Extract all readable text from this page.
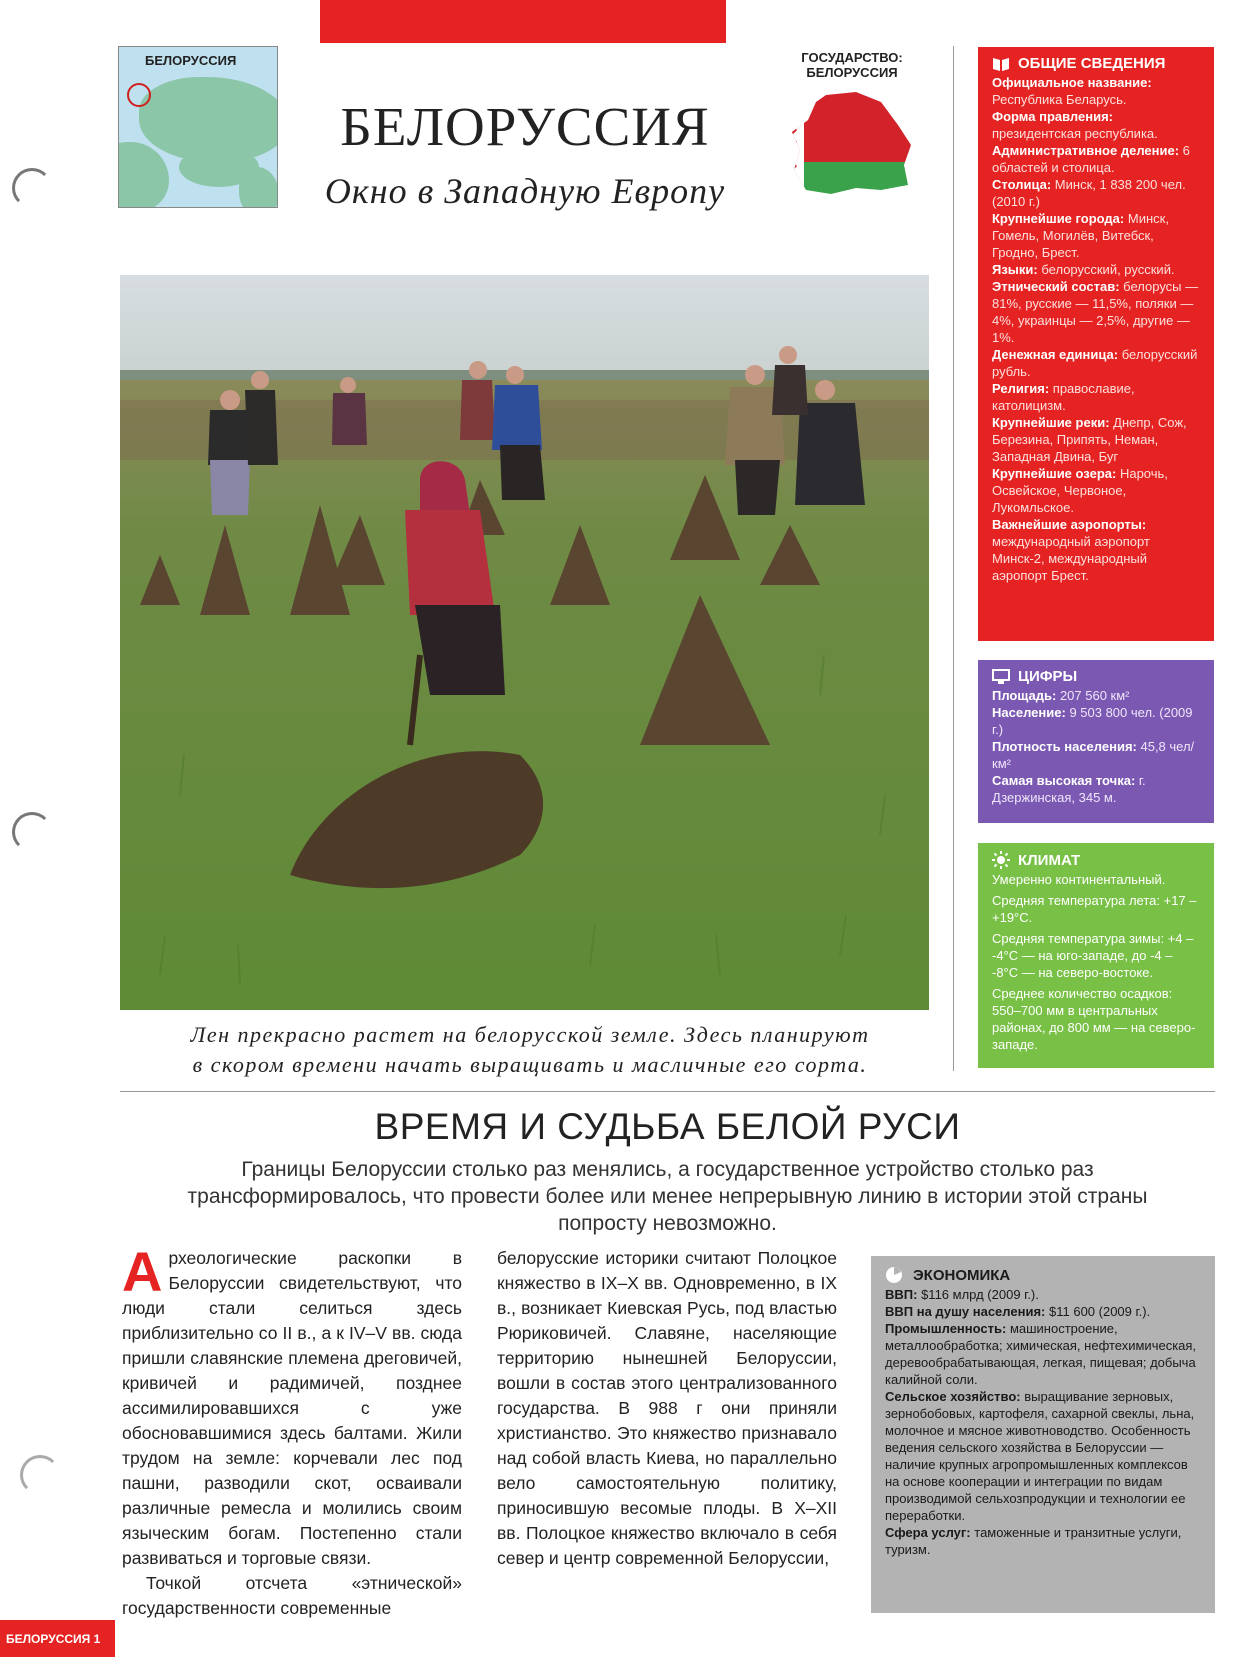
БЕЛОРУССИЯ
БЕЛОРУССИЯ
Окно в Западную Европу
ГОСУДАРСТВО: БЕЛОРУССИЯ
Лен прекрасно растет на белорусской земле. Здесь планируют
в скором времени начать выращивать и масличные его сорта.
ОБЩИЕ СВЕДЕНИЯ

Официальное название: Республика Беларусь.

Форма правления: президентская республика.

Административное деление: 6 областей и столица.

Столица: Минск, 1 838 200 чел. (2010 г.)

Крупнейшие города: Минск, Гомель, Могилёв, Витебск, Гродно, Брест.

Языки: белорусский, русский.

Этнический состав: белорусы — 81%, русские — 11,5%, поляки — 4%, украинцы — 2,5%, другие — 1%.

Денежная единица: белорусский рубль.

Религия: православие, католицизм.

Крупнейшие реки: Днепр, Сож, Березина, Припять, Неман, Западная Двина, Буг

Крупнейшие озера: Нарочь, Освейское, Червоное, Лукомльское.

Важнейшие аэропорты: международный аэропорт Минск-2, международный аэропорт Брест.

ЦИФРЫ

Площадь: 207 560 км²

Население: 9 503 800 чел. (2009 г.)

Плотность населения: 45,8 чел/км²

Самая высокая точка: г. Дзержинская, 345 м.

КЛИМАТ

Умеренно континентальный.

Средняя температура лета: +17 – +19°С.

Средняя температура зимы: +4 – -4°С — на юго-западе, до -4 – -8°С — на северо-востоке.

Среднее количество осадков: 550–700 мм в центральных районах, до 800 мм — на северо-западе.

ВРЕМЯ И СУДЬБА БЕЛОЙ РУСИ
Границы Белоруссии столько раз менялись, а государственное устройство столько раз трансформировалось, что провести более или менее непрерывную линию в истории этой страны попросту невозможно.

Археологические раскопки в Белоруссии свидетельствуют, что люди стали селиться здесь приблизительно со II в., а к IV–V вв. сюда пришли славянские племена дреговичей, кривичей и радимичей, позднее ассимилировавшихся с уже обосновавшимися здесь балтами. Жили трудом на земле: корчевали лес под пашни, разводили скот, осваивали различные ремесла и молились своим языческим богам. Постепенно стали развиваться и торговые связи.

Точкой отсчета «этнической» государственности современные

белорусские историки считают Полоцкое княжество в IX–X вв. Одновременно, в IX в., возникает Киевская Русь, под властью Рюриковичей. Славяне, населяющие территорию нынешней Белоруссии, вошли в состав этого централизованного государства. В 988 г они приняли христианство. Это княжество признавало над собой власть Киева, но параллельно вело самостоятельную политику, приносившую весомые плоды. В X–XII вв. Полоцкое княжество включало в себя север и центр современной Белоруссии,

ЭКОНОМИКА

ВВП: $116 млрд (2009 г.).

ВВП на душу населения: $11 600 (2009 г.).

Промышленность: машиностроение, металлообработка; химическая, нефтехимическая, деревообрабатывающая, легкая, пищевая; добыча калийной соли.

Сельское хозяйство: выращивание зерновых, зернобобовых, картофеля, сахарной свеклы, льна, молочное и мясное животноводство. Особенность ведения сельского хозяйства в Белоруссии — наличие крупных агропромышленных комплексов на основе кооперации и интеграции по видам производимой сельхозпродукции и технологии ее переработки.

Сфера услуг: таможенные и транзитные услуги, туризм.

БЕЛОРУССИЯ 1
